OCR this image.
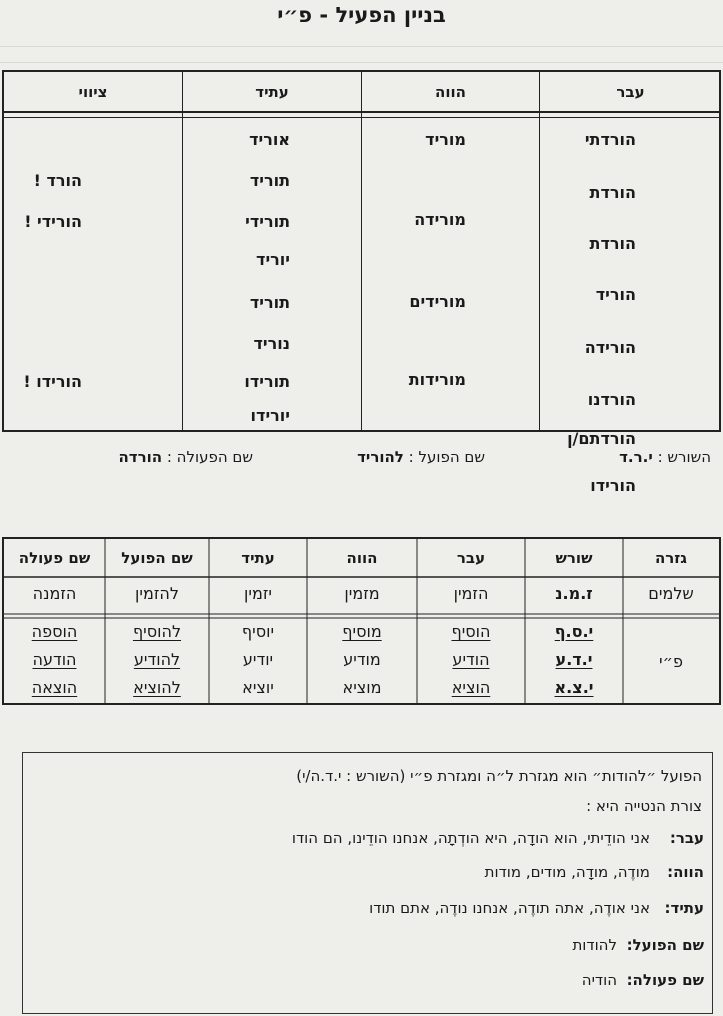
בניין הפעיל - פ״י
עבר
הווה
עתיד
ציווי
הורדתי
הורדת
הורדת
הוריד
הורידה
הורדנו
הורדתם/ן
הורידו
מוריד
מורידה
מורידים
מורידות
אוריד
תוריד
תורידי
יוריד
תוריד
נוריד
תורידו
יורידו
הורד !
הורידי !
הורידו !
השורש : י.ר.ד
שם הפועל : להוריד
שם הפעולה : הורדה
גזרה
שורש
עבר
הווה
עתיד
שם הפועל
שם פעולה
שלמים
ז.מ.נ
הזמין
מזמין
יזמין
להזמין
הזמנה
י.ס.ף
הוסיף
מוסיף
יוסיף
להוסיף
הוספה
פ״י
י.ד.ע
הודיע
מודיע
יודיע
להודיע
הודעה
י.צ.א
הוציא
מוציא
יוציא
להוציא
הוצאה
הפועל ״להודות״ הוא מגזרת ל״ה ומגזרת פ״י (השורש : י.ד.ה/י)
צורת הנטייה היא :
עבר:
אני הודֵיתי, הוא הודָה, היא הודְתָה, אנחנו הודֵינו, הם הודו
הווה:
מודֶה, מודָה, מודים, מודות
עתיד:
אני אודֶה, אתה תודֶה, אנחנו נודֶה, אתם תודו
שם הפועל:
להודות
שם פעולה:
הודיה
